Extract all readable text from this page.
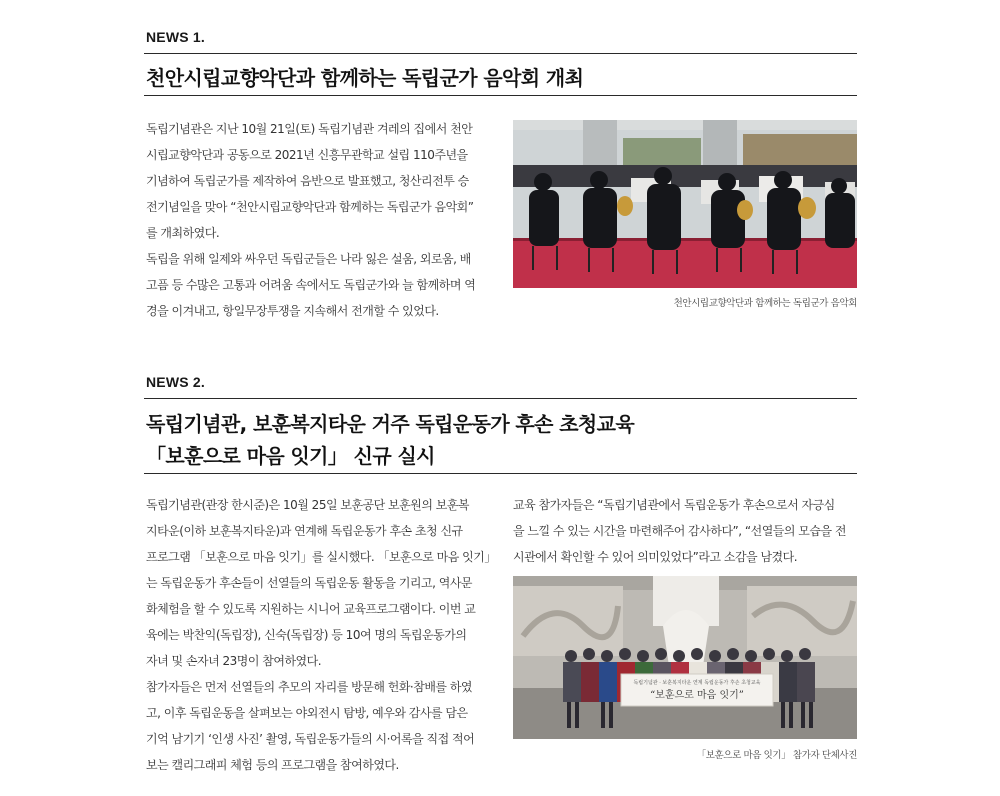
NEWS 1.
천안시립교향악단과 함께하는 독립군가 음악회 개최
독립기념관은 지난 10월 21일(토) 독립기념관 겨레의 집에서 천안
시립교향악단과 공동으로 2021년 신흥무관학교 설립 110주년을
기념하여 독립군가를 제작하여 음반으로 발표했고, 청산리전투 승
전기념일을 맞아 “천안시립교향악단과 함께하는 독립군가 음악회”
를 개최하였다.
독립을 위해 일제와 싸우던 독립군들은 나라 잃은 설움, 외로움, 배
고픔 등 수많은 고통과 어려움 속에서도 독립군가와 늘 함께하며 역
경을 이겨내고, 항일무장투쟁을 지속해서 전개할 수 있었다.
천안시립교향악단과 함께하는 독립군가 음악회
NEWS 2.
독립기념관, 보훈복지타운 거주 독립운동가 후손 초청교육
「보훈으로 마음 잇기」 신규 실시
독립기념관(관장 한시준)은 10월 25일 보훈공단 보훈원의 보훈복
지타운(이하 보훈복지타운)과 연계해 독립운동가 후손 초청 신규
프로그램 「보훈으로 마음 잇기」를 실시했다. 「보훈으로 마음 잇기」
는 독립운동가 후손들이 선열들의 독립운동 활동을 기리고, 역사문
화체험을 할 수 있도록 지원하는 시니어 교육프로그램이다. 이번 교
육에는 박찬익(독립장), 신숙(독립장) 등 10여 명의 독립운동가의
자녀 및 손자녀 23명이 참여하였다.
참가자들은 먼저 선열들의 추모의 자리를 방문해 헌화·참배를 하였
고, 이후 독립운동을 살펴보는 야외전시 탐방, 예우와 감사를 담은
기억 남기기 ‘인생 사진’ 촬영, 독립운동가들의 시·어록을 직접 적어
보는 캘리그래피 체험 등의 프로그램을 참여하였다.
교육 참가자들은 “독립기념관에서 독립운동가 후손으로서 자긍심
을 느낄 수 있는 시간을 마련해주어 감사하다”, “선열들의 모습을 전
시관에서 확인할 수 있어 의미있었다”라고 소감을 남겼다.
독립기념관 · 보훈복지타운 연계 독립운동가 후손 초청교육
“보훈으로 마음 잇기”
「보훈으로 마음 잇기」 참가자 단체사진
